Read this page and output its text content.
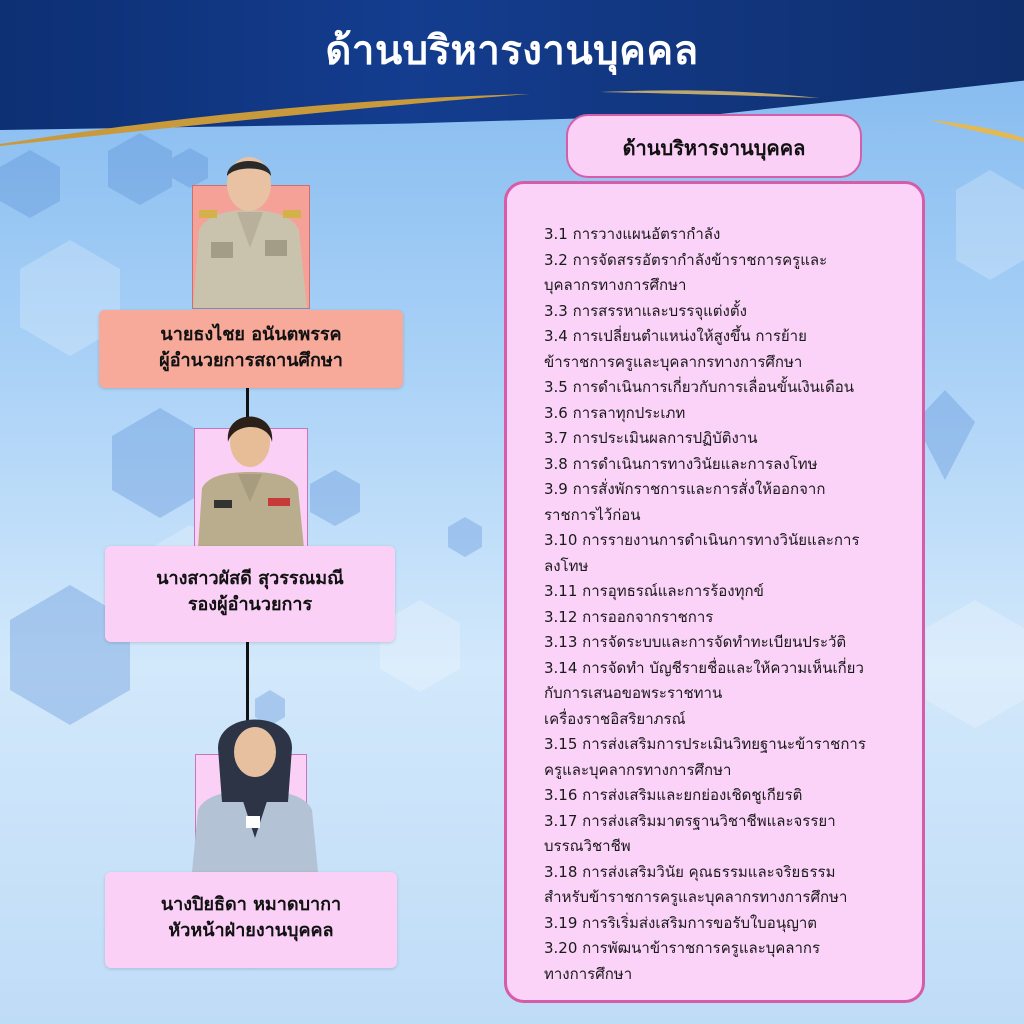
ด้านบริหารงานบุคคล
นายธงไชย อนันตพรรค
ผู้อำนวยการสถานศึกษา
นางสาวผัสดี สุวรรณมณี
รองผู้อำนวยการ
นางปิยธิดา หมาดบากา
หัวหน้าฝ่ายงานบุคคล
ด้านบริหารงานบุคคล
3.1 การวางแผนอัตรากำลัง
3.2 การจัดสรรอัตรากำลังข้าราชการครูและ
บุคลากรทางการศึกษา
3.3 การสรรหาและบรรจุแต่งตั้ง
3.4 การเปลี่ยนตำแหน่งให้สูงขึ้น การย้าย
ข้าราชการครูและบุคลากรทางการศึกษา
3.5 การดำเนินการเกี่ยวกับการเลื่อนขั้นเงินเดือน
3.6 การลาทุกประเภท
3.7 การประเมินผลการปฏิบัติงาน
3.8 การดำเนินการทางวินัยและการลงโทษ
3.9 การสั่งพักราชการและการสั่งให้ออกจาก
ราชการไว้ก่อน
3.10 การรายงานการดำเนินการทางวินัยและการ
ลงโทษ
3.11 การอุทธรณ์และการร้องทุกข์
3.12 การออกจากราชการ
3.13 การจัดระบบและการจัดทำทะเบียนประวัติ
3.14 การจัดทำ บัญชีรายชื่อและให้ความเห็นเกี่ยว
กับการเสนอขอพระราชทาน
เครื่องราชอิสริยาภรณ์
3.15 การส่งเสริมการประเมินวิทยฐานะข้าราชการ
ครูและบุคลากรทางการศึกษา
3.16 การส่งเสริมและยกย่องเชิดชูเกียรติ
3.17 การส่งเสริมมาตรฐานวิชาชีพและจรรยา
บรรณวิชาชีพ
3.18 การส่งเสริมวินัย คุณธรรมและจริยธรรม
สำหรับข้าราชการครูและบุคลากรทางการศึกษา
3.19 การริเริ่มส่งเสริมการขอรับใบอนุญาต
3.20 การพัฒนาข้าราชการครูและบุคลากร
ทางการศึกษา
